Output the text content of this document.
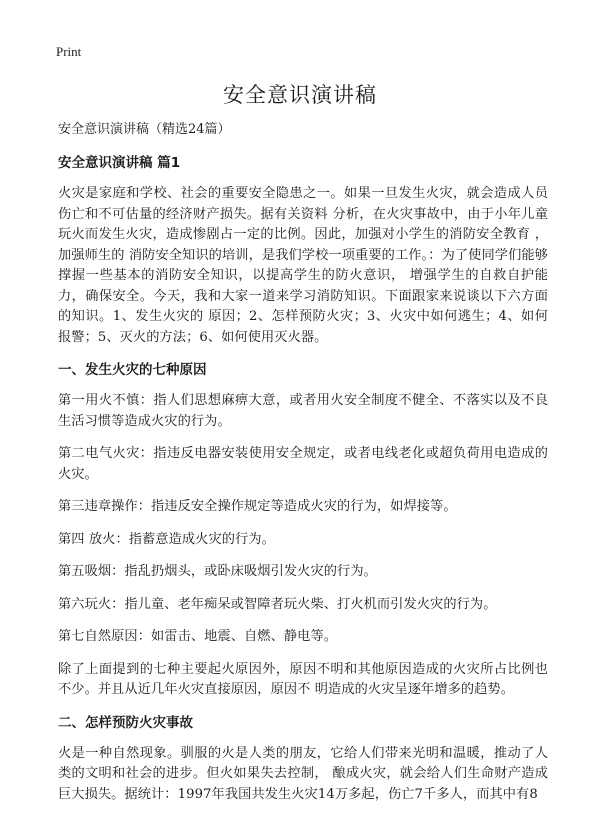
Print
安全意识演讲稿

安全意识演讲稿（精选24篇）

安全意识演讲稿 篇1

火灾是家庭和学校、社会的重要安全隐患之一。如果一旦发生火灾，就会造成人员伤亡和不可估量的经济财产损失。据有关资料 分析，在火灾事故中，由于小年儿童玩火而发生火灾，造成惨剧占一定的比例。因此，加强对小学生的消防安全教育 ，加强师生的 消防安全知识的培训，是我们学校一项重要的工作。：为了使同学们能够撑握一些基本的消防安全知识，以提高学生的防火意识， 增强学生的自救自护能力，确保安全。今天，我和大家一道来学习消防知识。下面跟家来说谈以下六方面的知识。1、发生火灾的 原因；2、怎样预防火灾；3、火灾中如何逃生；4、如何报警；5、灭火的方法；6、如何使用灭火器。

一、发生火灾的七种原因

第一用火不慎：指人们思想麻痹大意，或者用火安全制度不健全、不落实以及不良生活习惯等造成火灾的行为。

第二电气火灾：指违反电器安装使用安全规定，或者电线老化或超负荷用电造成的火灾。

第三违章操作：指违反安全操作规定等造成火灾的行为，如焊接等。

第四 放火：指蓄意造成火灾的行为。

第五吸烟：指乱扔烟头，或卧床吸烟引发火灾的行为。

第六玩火：指儿童、老年痴呆或智障者玩火柴、打火机而引发火灾的行为。

第七自然原因：如雷击、地震、自燃、静电等。

除了上面提到的七种主要起火原因外，原因不明和其他原因造成的火灾所占比例也不少。并且从近几年火灾直接原因，原因不 明造成的火灾呈逐年增多的趋势。

二、怎样预防火灾事故

火是一种自然现象。驯服的火是人类的朋友，它给人们带来光明和温暖，推动了人类的文明和社会的进步。但火如果失去控制， 酿成火灾，就会给人们生命财产造成巨大损失。据统计：1997年我国共发生火灾14万多起，伤亡7千多人，而其中有8
